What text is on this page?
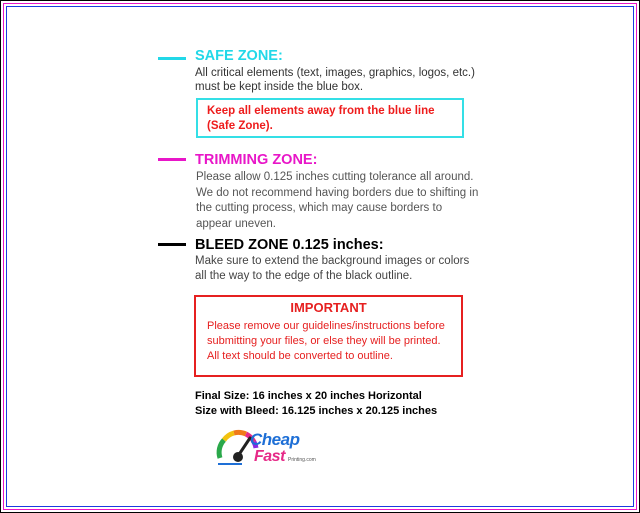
SAFE ZONE:
All critical elements (text, images, graphics, logos, etc.)
must be kept inside the blue box.
Keep all elements away from the blue line
(Safe Zone).
TRIMMING ZONE:
Please allow 0.125 inches cutting tolerance all around.
We do not recommend having borders due to shifting in
the cutting process, which may cause borders to
appear uneven.
BLEED ZONE 0.125 inches:
Make sure to extend the background images or colors
all the way to the edge of the black outline.
IMPORTANT
Please remove our guidelines/instructions before
submitting your files, or else they will be printed.
All text should be converted to outline.
Final Size: 16 inches x 20 inches Horizontal
Size with Bleed: 16.125 inches x 20.125 inches
Cheap
Fast Printing.com
